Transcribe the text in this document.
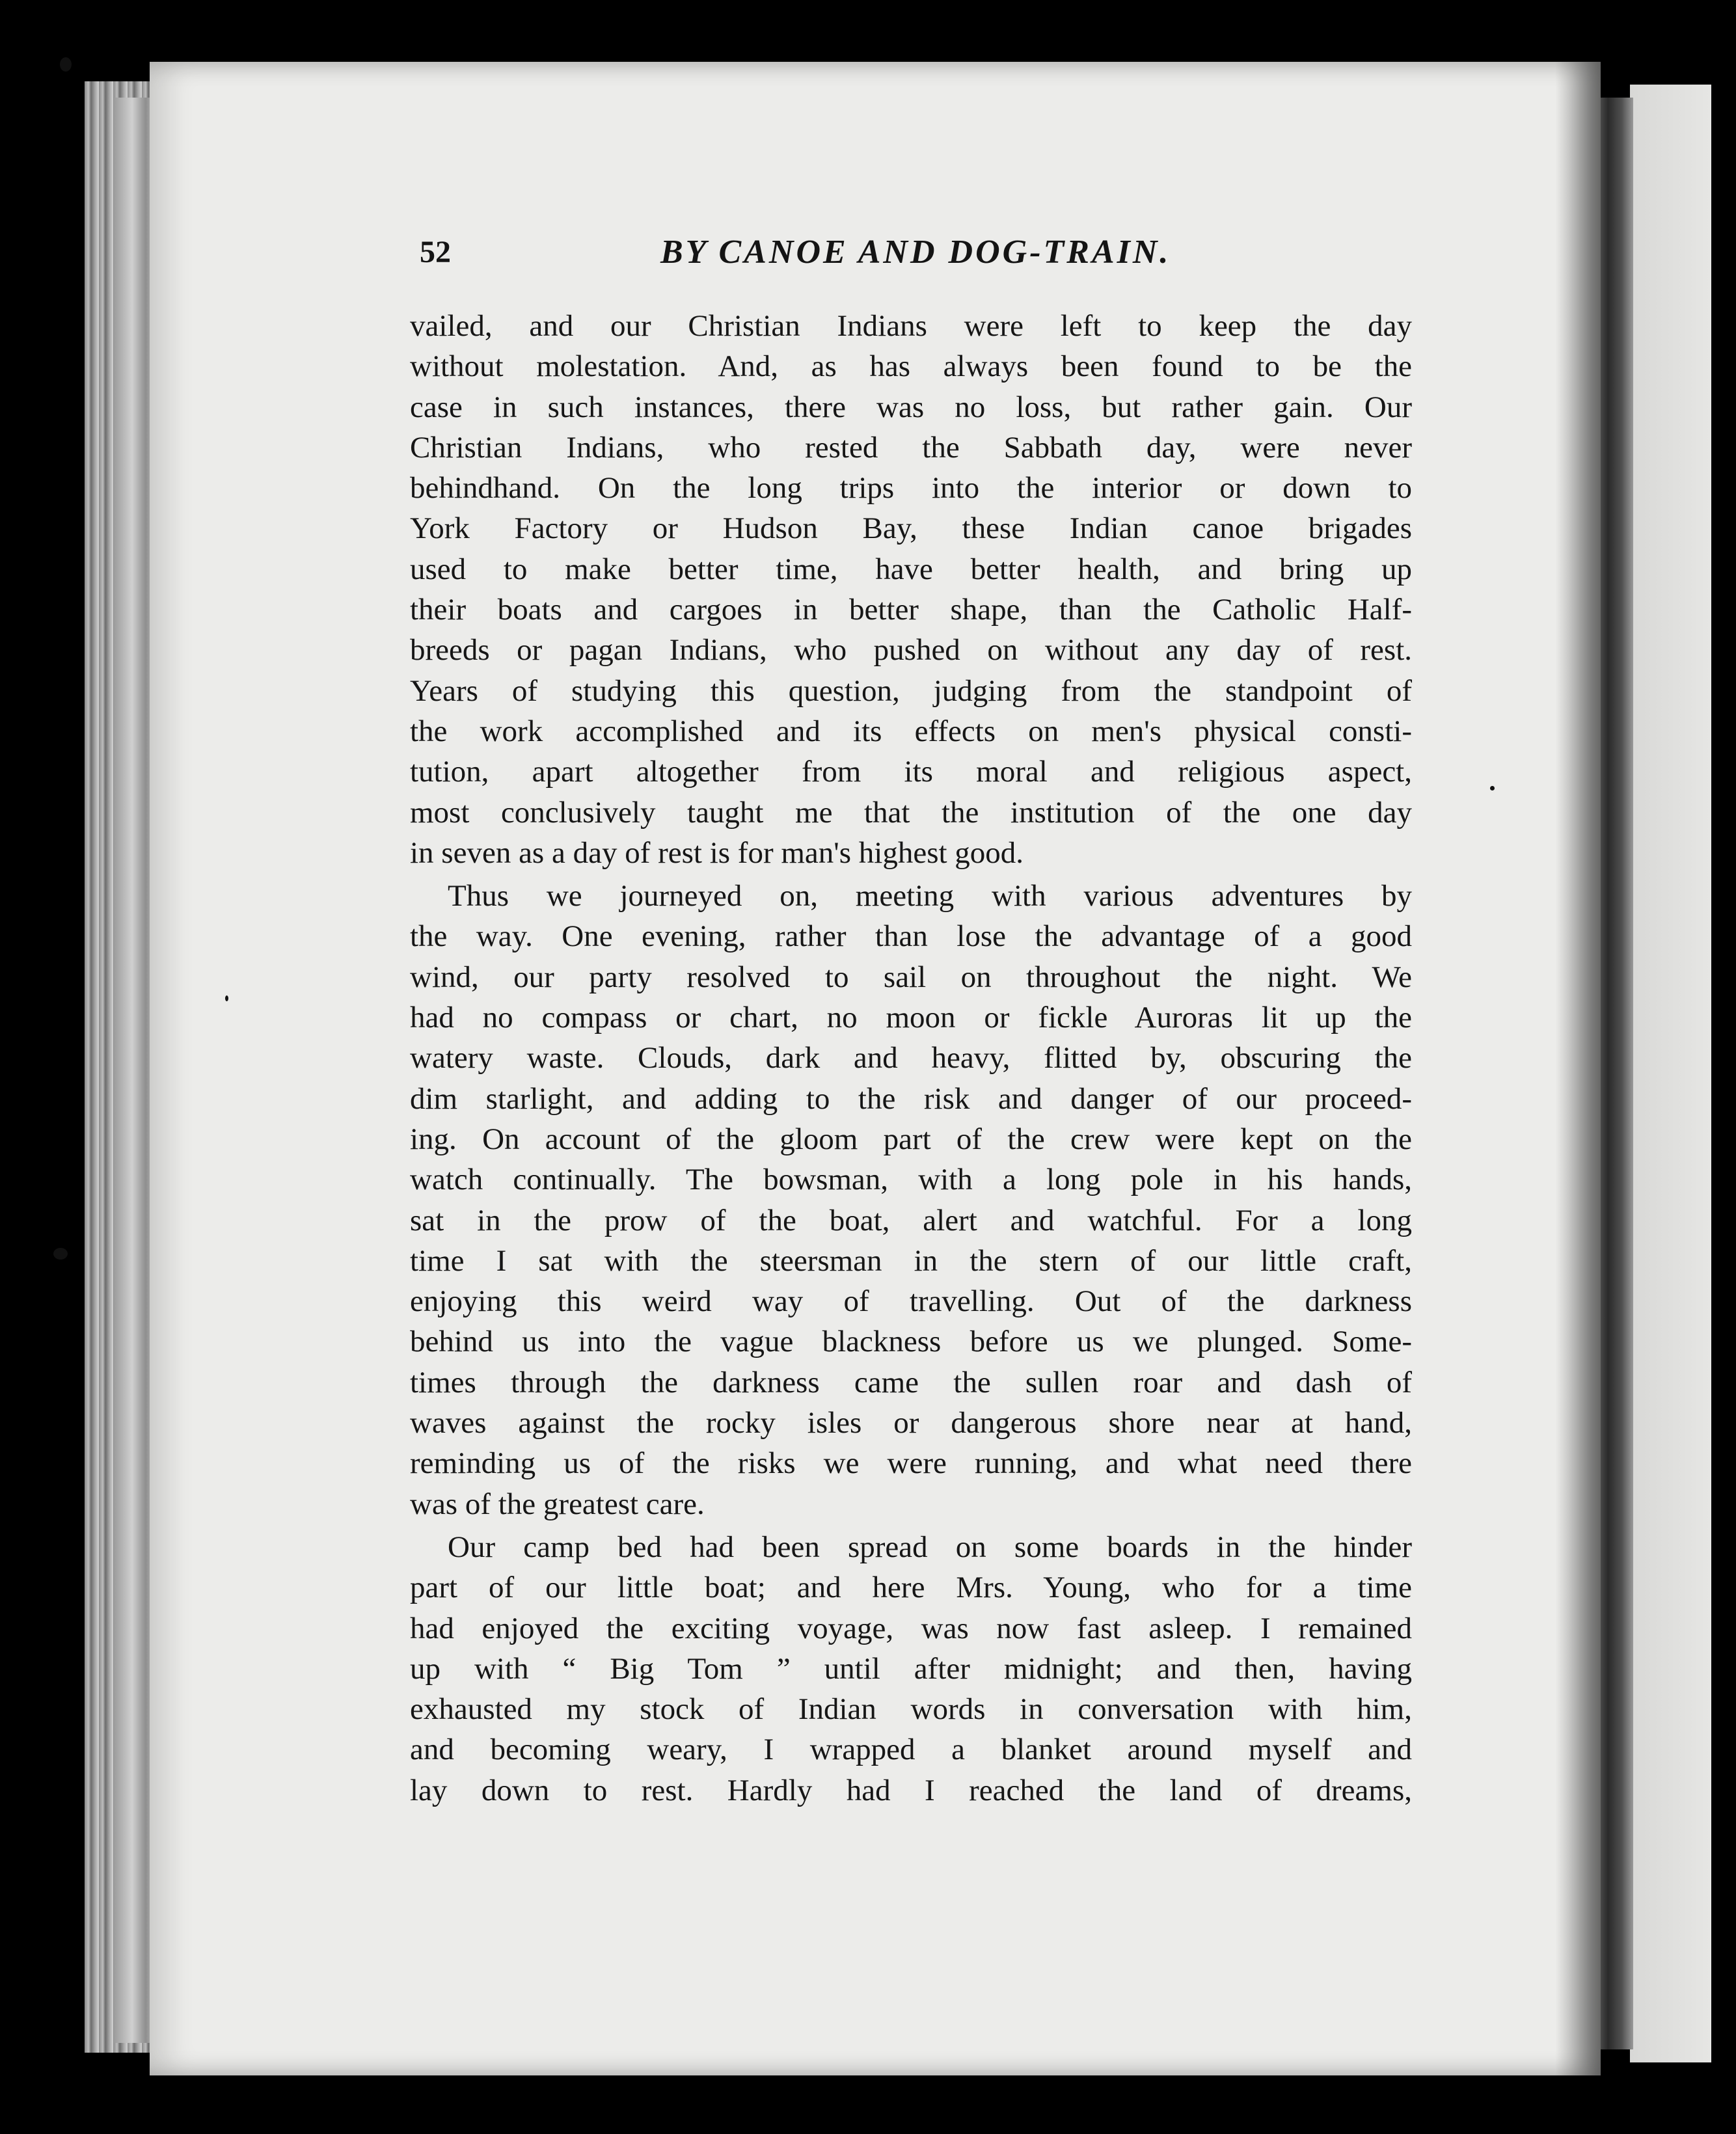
52	BY CANOE AND DOG-TRAIN.
vailed, and our Christian Indians were left to keep the day
without molestation. And, as has always been found to be the
case in such instances, there was no loss, but rather gain. Our
Christian Indians, who rested the Sabbath day, were never
behindhand. On the long trips into the interior or down to
York Factory or Hudson Bay, these Indian canoe brigades
used to make better time, have better health, and bring up
their boats and cargoes in better shape, than the Catholic Half-
breeds or pagan Indians, who pushed on without any day of rest.
Years of studying this question, judging from the standpoint of
the work accomplished and its effects on men's physical consti-
tution, apart altogether from its moral and religious aspect,
most conclusively taught me that the institution of the one day
in seven as a day of rest is for man's highest good.
Thus we journeyed on, meeting with various adventures by
the way. One evening, rather than lose the advantage of a good
wind, our party resolved to sail on throughout the night. We
had no compass or chart, no moon or fickle Auroras lit up the
watery waste. Clouds, dark and heavy, flitted by, obscuring the
dim starlight, and adding to the risk and danger of our proceed-
ing. On account of the gloom part of the crew were kept on the
watch continually. The bowsman, with a long pole in his hands,
sat in the prow of the boat, alert and watchful. For a long
time I sat with the steersman in the stern of our little craft,
enjoying this weird way of travelling. Out of the darkness
behind us into the vague blackness before us we plunged. Some-
times through the darkness came the sullen roar and dash of
waves against the rocky isles or dangerous shore near at hand,
reminding us of the risks we were running, and what need there
was of the greatest care.
Our camp bed had been spread on some boards in the hinder
part of our little boat; and here Mrs. Young, who for a time
had enjoyed the exciting voyage, was now fast asleep. I remained
up with “ Big Tom ” until after midnight; and then, having
exhausted my stock of Indian words in conversation with him,
and becoming weary, I wrapped a blanket around myself and
lay down to rest. Hardly had I reached the land of dreams,
